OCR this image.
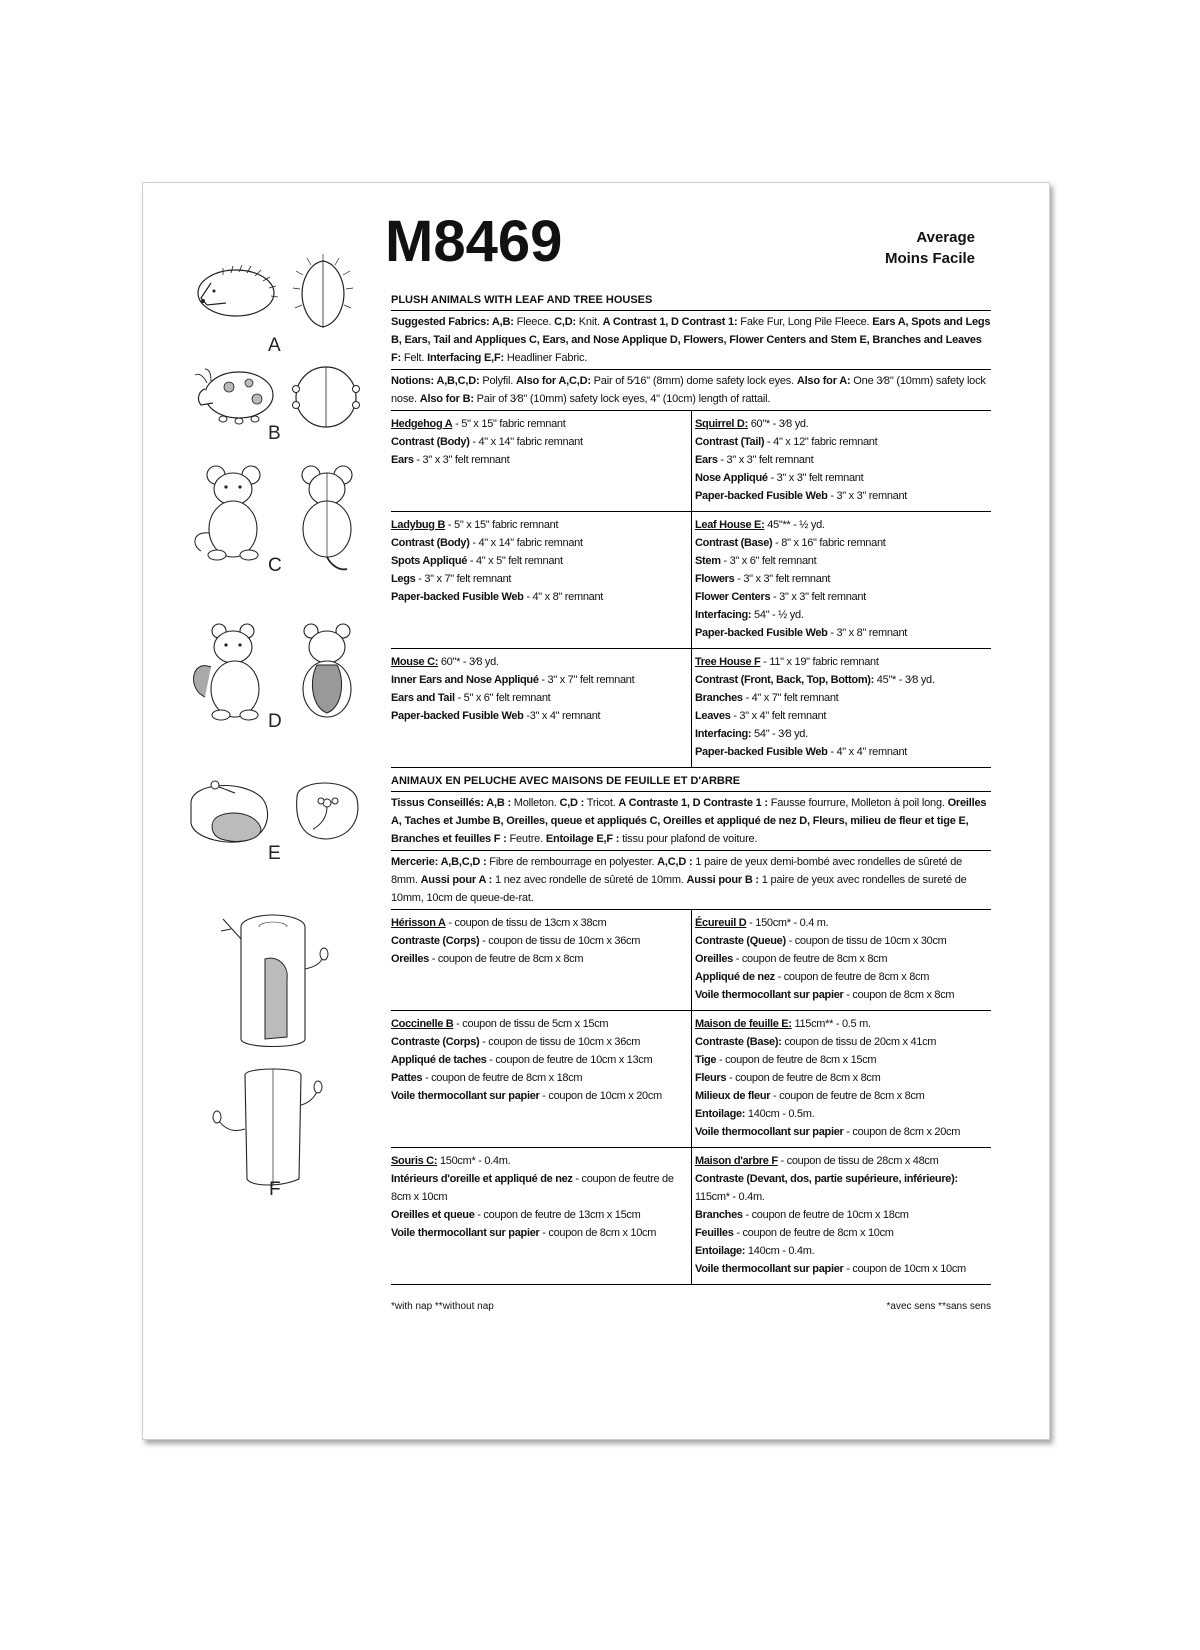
A
B
C
D
E
F
M8469	Average
Moins Facile
PLUSH ANIMALS WITH LEAF AND TREE HOUSES

Suggested Fabrics: A,B: Fleece. C,D: Knit. A Contrast 1, D Contrast 1: Fake Fur, Long Pile Fleece. Ears A, Spots and Legs B, Ears, Tail and Appliques C, Ears, and Nose Applique D, Flowers, Flower Centers and Stem E, Branches and Leaves F: Felt. Interfacing E,F: Headliner Fabric.

Notions: A,B,C,D: Polyfil. Also for A,C,D: Pair of 5⁄16" (8mm) dome safety lock eyes. Also for A: One 3⁄8" (10mm) safety lock nose. Also for B: Pair of 3⁄8" (10mm) safety lock eyes, 4" (10cm) length of rattail.

Hedgehog A - 5" x 15" fabric remnant
Contrast (Body) - 4" x 14" fabric remnant
Ears - 3" x 3" felt remnant
Squirrel D: 60"* - 3⁄8 yd.
Contrast (Tail) - 4" x 12" fabric remnant
Ears - 3" x 3" felt remnant
Nose Appliqué - 3" x 3" felt remnant
Paper-backed Fusible Web - 3" x 3" remnant
Ladybug B - 5" x 15" fabric remnant
Contrast (Body) - 4" x 14" fabric remnant
Spots Appliqué - 4" x 5" felt remnant
Legs - 3" x 7" felt remnant
Paper-backed Fusible Web - 4" x 8" remnant
Leaf House E: 45"** - ½ yd.
Contrast (Base) - 8" x 16" fabric remnant
Stem - 3" x 6" felt remnant
Flowers - 3" x 3" felt remnant
Flower Centers - 3" x 3" felt remnant
Interfacing: 54" - ½ yd.
Paper-backed Fusible Web - 3" x 8" remnant
Mouse C: 60"* - 3⁄8 yd.
Inner Ears and Nose Appliqué - 3" x 7" felt remnant
Ears and Tail - 5" x 6" felt remnant
Paper-backed Fusible Web -3" x 4" remnant
Tree House F - 11" x 19" fabric remnant
Contrast (Front, Back, Top, Bottom): 45"* - 3⁄8 yd.
Branches - 4" x 7" felt remnant
Leaves - 3" x 4" felt remnant
Interfacing: 54" - 3⁄8 yd.
Paper-backed Fusible Web - 4" x 4" remnant
ANIMAUX EN PELUCHE AVEC MAISONS DE FEUILLE ET D'ARBRE

Tissus Conseillés: A,B : Molleton. C,D : Tricot. A Contraste 1, D Contraste 1 : Fausse fourrure, Molleton à poil long. Oreilles A, Taches et Jumbe B, Oreilles, queue et appliqués C, Oreilles et appliqué de nez D, Fleurs, milieu de fleur et tige E, Branches et feuilles F : Feutre. Entoilage E,F : tissu pour plafond de voiture.

Mercerie: A,B,C,D : Fibre de rembourrage en polyester. A,C,D : 1 paire de yeux demi-bombé avec rondelles de sûreté de 8mm. Aussi pour A : 1 nez avec rondelle de sûreté de 10mm. Aussi pour B : 1 paire de yeux avec rondelles de sureté de 10mm, 10cm de queue-de-rat.

Hérisson A - coupon de tissu de 13cm x 38cm
Contraste (Corps) - coupon de tissu de 10cm x 36cm
Oreilles - coupon de feutre de 8cm x 8cm
Écureuil D - 150cm* - 0.4 m.
Contraste (Queue) - coupon de tissu de 10cm x 30cm
Oreilles - coupon de feutre de 8cm x 8cm
Appliqué de nez - coupon de feutre de 8cm x 8cm
Voile thermocollant sur papier - coupon de 8cm x 8cm
Coccinelle B - coupon de tissu de 5cm x 15cm
Contraste (Corps) - coupon de tissu de 10cm x 36cm
Appliqué de taches - coupon de feutre de 10cm x 13cm
Pattes - coupon de feutre de 8cm x 18cm
Voile thermocollant sur papier - coupon de 10cm x 20cm
Maison de feuille E: 115cm** - 0.5 m.
Contraste (Base): coupon de tissu de 20cm x 41cm
Tige - coupon de feutre de 8cm x 15cm
Fleurs - coupon de feutre de 8cm x 8cm
Milieux de fleur - coupon de feutre de 8cm x 8cm
Entoilage: 140cm - 0.5m.
Voile thermocollant sur papier - coupon de 8cm x 20cm
Souris C: 150cm* - 0.4m.
Intérieurs d'oreille et appliqué de nez - coupon de feutre de 8cm x 10cm
Oreilles et queue - coupon de feutre de 13cm x 15cm
Voile thermocollant sur papier - coupon de 8cm x 10cm
Maison d'arbre F - coupon de tissu de 28cm x 48cm
Contraste (Devant, dos, partie supérieure, inférieure): 115cm* - 0.4m.
Branches - coupon de feutre de 10cm x 18cm
Feuilles - coupon de feutre de 8cm x 10cm
Entoilage: 140cm - 0.4m.
Voile thermocollant sur papier - coupon de 10cm x 10cm
*with nap **without nap	*avec sens **sans sens
